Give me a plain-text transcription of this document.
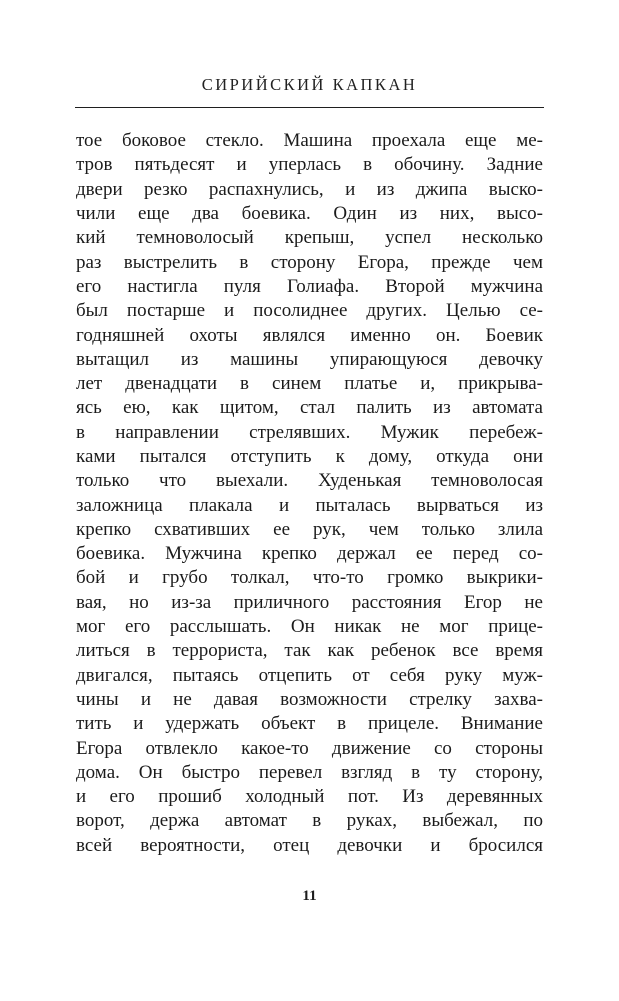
СИРИЙСКИЙ КАПКАН
тое боковое стекло. Машина проехала еще ме-
тров пятьдесят и уперлась в обочину. Задние
двери резко распахнулись, и из джипа выско-
чили еще два боевика. Один из них, высо-
кий темноволосый крепыш, успел несколько
раз выстрелить в сторону Егора, прежде чем
его настигла пуля Голиафа. Второй мужчина
был постарше и посолиднее других. Целью се-
годняшней охоты являлся именно он. Боевик
вытащил из машины упирающуюся девочку
лет двенадцати в синем платье и, прикрыва-
ясь ею, как щитом, стал палить из автомата
в направлении стрелявших. Мужик перебеж-
ками пытался отступить к дому, откуда они
только что выехали. Худенькая темноволосая
заложница плакала и пыталась вырваться из
крепко схвативших ее рук, чем только злила
боевика. Мужчина крепко держал ее перед со-
бой и грубо толкал, что-то громко выкрики-
вая, но из-за приличного расстояния Егор не
мог его расслышать. Он никак не мог прице-
литься в террориста, так как ребенок все время
двигался, пытаясь отцепить от себя руку муж-
чины и не давая возможности стрелку захва-
тить и удержать объект в прицеле. Внимание
Егора отвлекло какое-то движение со стороны
дома. Он быстро перевел взгляд в ту сторону,
и его прошиб холодный пот. Из деревянных
ворот, держа автомат в руках, выбежал, по
всей вероятности, отец девочки и бросился
11
